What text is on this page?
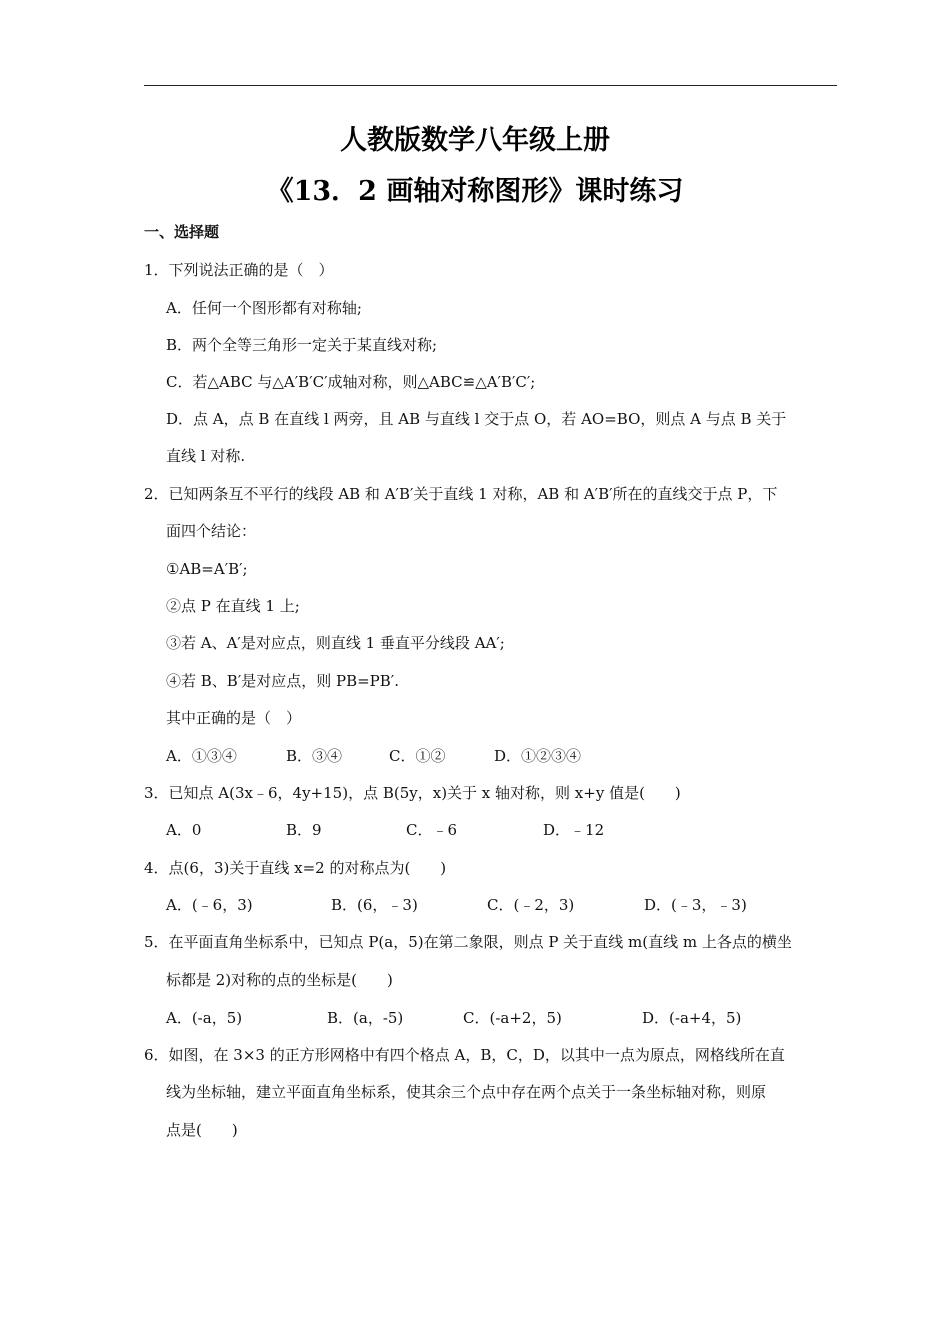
人教版数学八年级上册
《13．2 画轴对称图形》课时练习
一、选择题
1．下列说法正确的是（　）
A．任何一个图形都有对称轴;
B．两个全等三角形一定关于某直线对称;
C．若△ABC 与△A′B′C′成轴对称，则△ABC≌△A′B′C′;
D．点 A，点 B 在直线 l 两旁，且 AB 与直线 l 交于点 O，若 AO=BO，则点 A 与点 B 关于
直线 l 对称.
2．已知两条互不平行的线段 AB 和 A′B′关于直线 1 对称，AB 和 A′B′所在的直线交于点 P，下
面四个结论：
①AB=A′B′;
②点 P 在直线 1 上;
③若 A、A′是对应点，则直线 1 垂直平分线段 AA′;
④若 B、B′是对应点，则 PB=PB′.
其中正确的是（　）
A．①③④	B．③④	C．①②	D．①②③④
3．已知点 A(3x﹣6，4y+15)，点 B(5y，x)关于 x 轴对称，则 x+y 值是(　　)
A．0	B．9	C．﹣6	D．﹣12
4．点(6，3)关于直线 x=2 的对称点为(　　)
A．(﹣6，3)	B．(6，﹣3)	C．(﹣2，3)	D．(﹣3，﹣3)
5．在平面直角坐标系中，已知点 P(a，5)在第二象限，则点 P 关于直线 m(直线 m 上各点的横坐
标都是 2)对称的点的坐标是(　　)
A．(-a，5)	B．(a，-5)	C．(-a+2，5)	D．(-a+4，5)
6．如图，在 3×3 的正方形网格中有四个格点 A，B，C，D，以其中一点为原点，网格线所在直
线为坐标轴，建立平面直角坐标系，使其余三个点中存在两个点关于一条坐标轴对称，则原
点是(　　)
